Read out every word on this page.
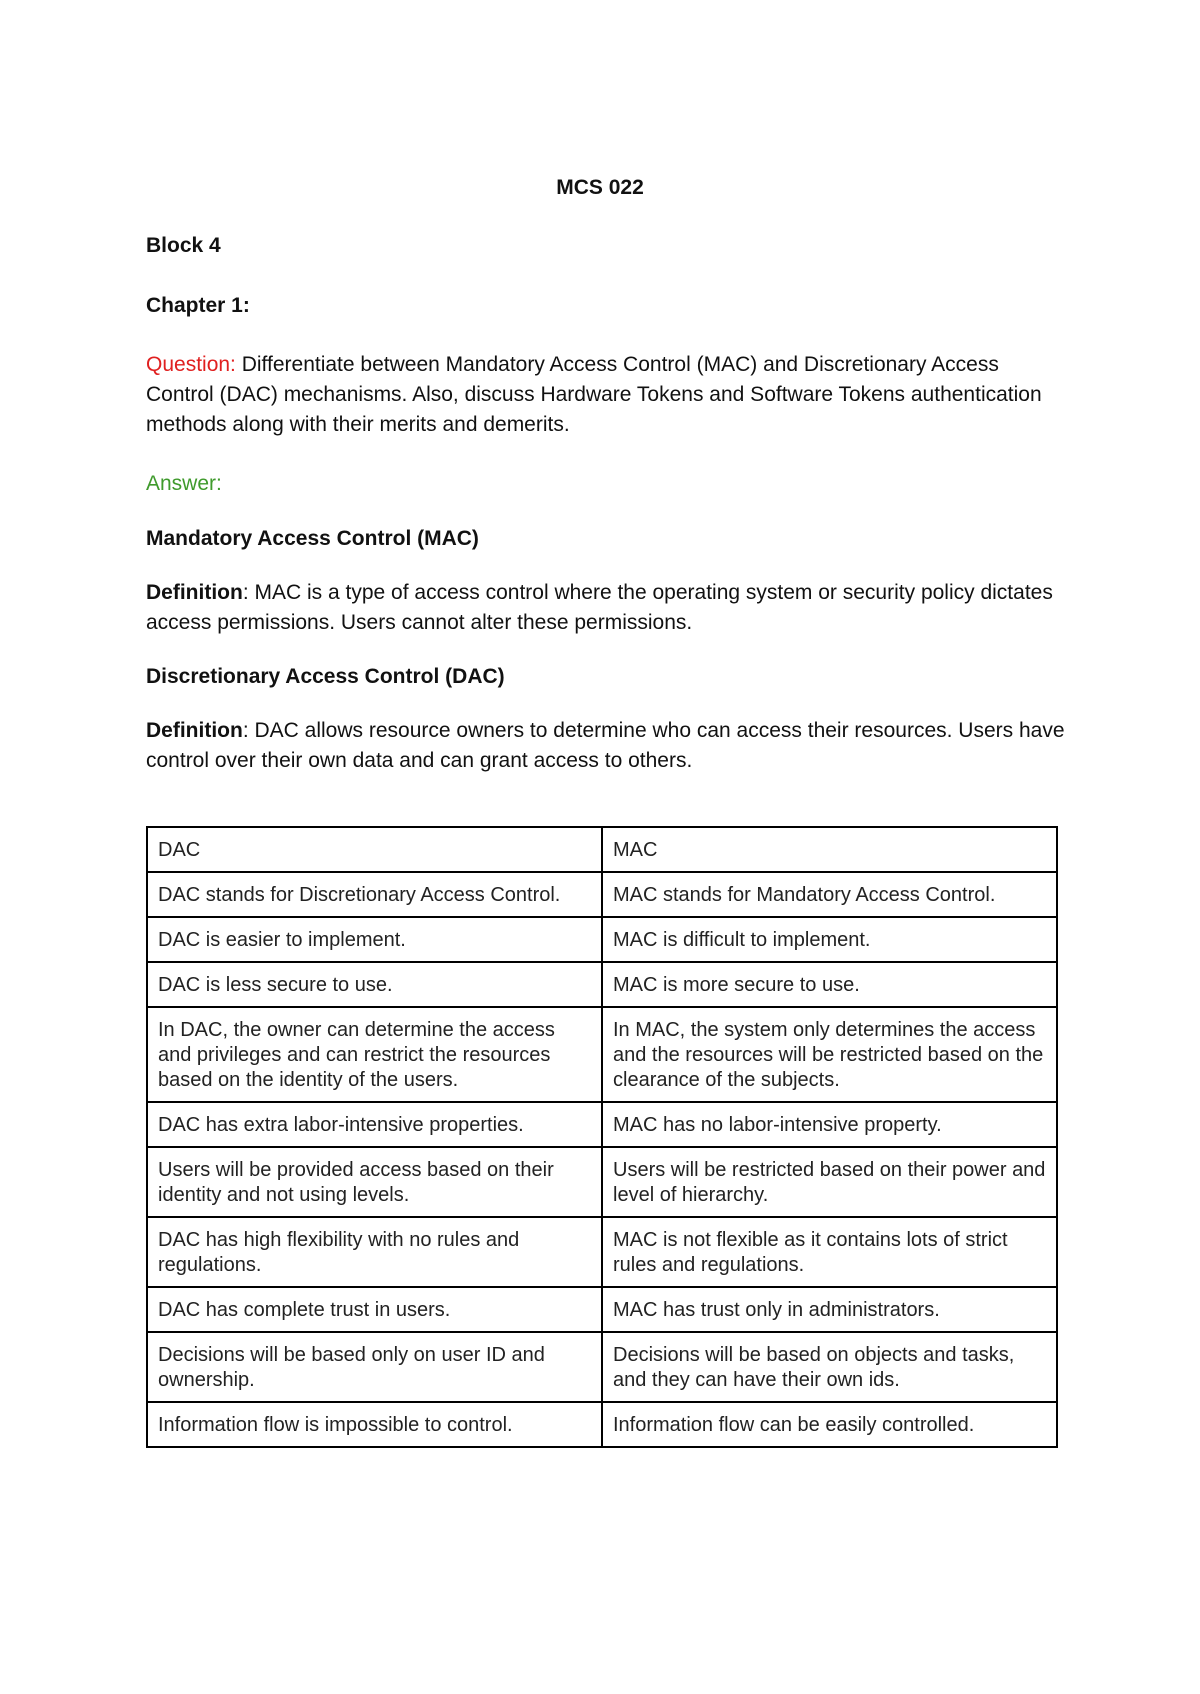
MCS 022

Block 4

Chapter 1:

Question: Differentiate between Mandatory Access Control (MAC) and Discretionary Access Control (DAC) mechanisms. Also, discuss Hardware Tokens and Software Tokens authentication methods along with their merits and demerits.

Answer:

Mandatory Access Control (MAC)

Definition: MAC is a type of access control where the operating system or security policy dictates access permissions. Users cannot alter these permissions.

Discretionary Access Control (DAC)

Definition: DAC allows resource owners to determine who can access their resources. Users have control over their own data and can grant access to others.

DAC	MAC
DAC stands for Discretionary Access Control.	MAC stands for Mandatory Access Control.
DAC is easier to implement.	MAC is difficult to implement.
DAC is less secure to use.	MAC is more secure to use.
In DAC, the owner can determine the access and privileges and can restrict the resources based on the identity of the users.	In MAC, the system only determines the access and the resources will be restricted based on the clearance of the subjects.
DAC has extra labor-intensive properties.	MAC has no labor-intensive property.
Users will be provided access based on their identity and not using levels.	Users will be restricted based on their power and level of hierarchy.
DAC has high flexibility with no rules and regulations.	MAC is not flexible as it contains lots of strict rules and regulations.
DAC has complete trust in users.	MAC has trust only in administrators.
Decisions will be based only on user ID and ownership.	Decisions will be based on objects and tasks, and they can have their own ids.
Information flow is impossible to control.	Information flow can be easily controlled.
